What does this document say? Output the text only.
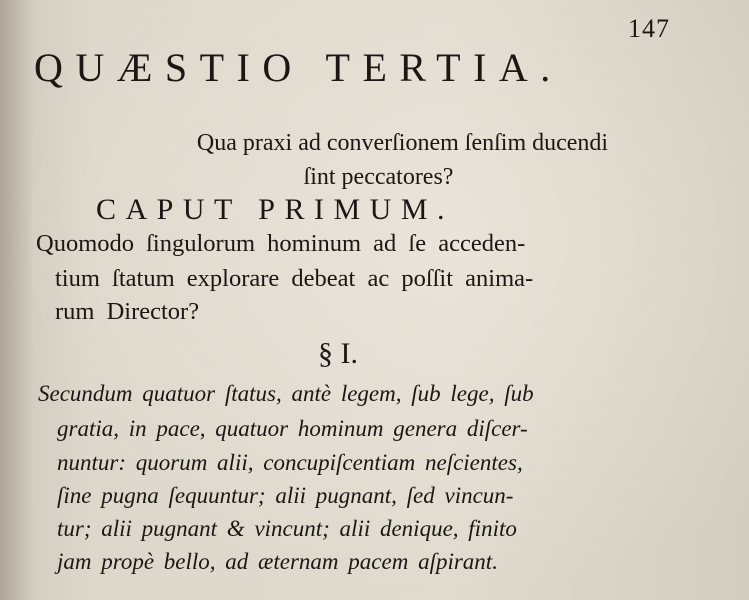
147
QUÆSTIO TERTIA.
Qua praxi ad converſionem ſenſim ducendi
ſint peccatores?
CAPUT PRIMUM.
Quomodo ſingulorum hominum ad ſe acceden-
tium ſtatum explorare debeat ac poſſit anima-
rum Director?
§ I.
Secundum quatuor ſtatus, antè legem, ſub lege, ſub
gratia, in pace, quatuor hominum genera diſcer-
nuntur: quorum alii, concupiſcentiam neſcientes,
ſine pugna ſequuntur; alii pugnant, ſed vincun-
tur; alii pugnant & vincunt; alii denique, finito
jam propè bello, ad æternam pacem aſpirant.
